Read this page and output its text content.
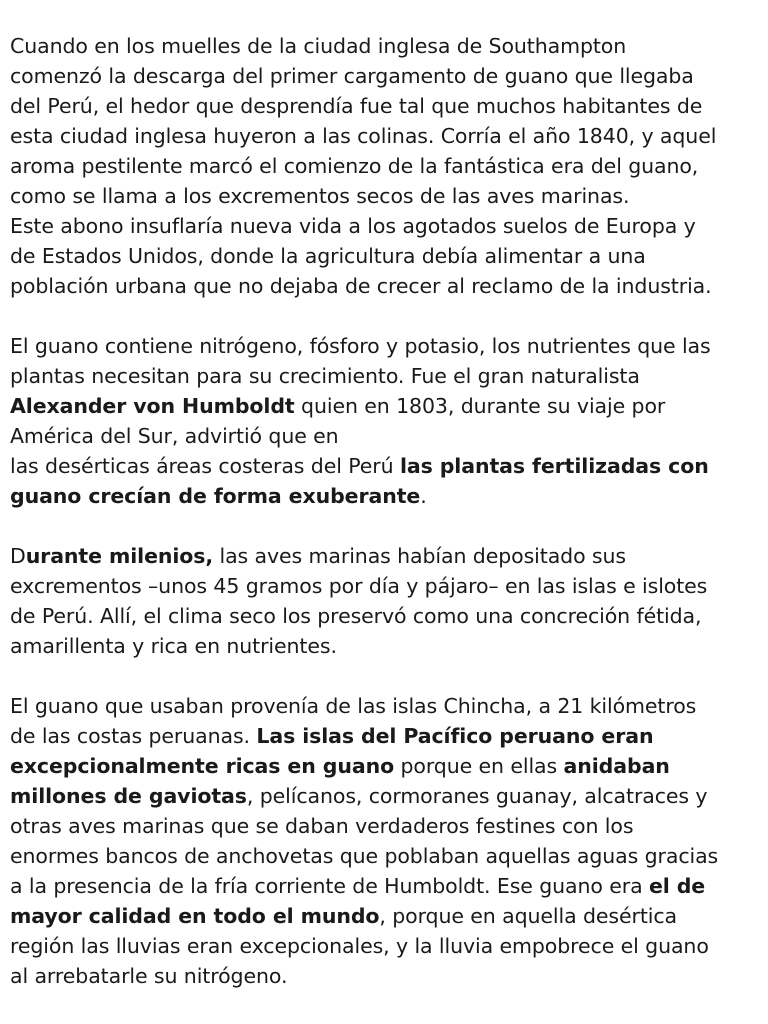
Cuando en los muelles de la ciudad inglesa de Southampton
comenzó la descarga del primer cargamento de guano que llegaba
del Perú, el hedor que desprendía fue tal que muchos habitantes de
esta ciudad inglesa huyeron a las colinas. Corría el año 1840, y aquel
aroma pestilente marcó el comienzo de la fantástica era del guano,
como se llama a los excrementos secos de las aves marinas.
Este abono insuflaría nueva vida a los agotados suelos de Europa y
de Estados Unidos, donde la agricultura debía alimentar a una
población urbana que no dejaba de crecer al reclamo de la industria.
El guano contiene nitrógeno, fósforo y potasio, los nutrientes que las
plantas necesitan para su crecimiento. Fue el gran naturalista
Alexander von Humboldt quien en 1803, durante su viaje por
América del Sur, advirtió que en
las desérticas áreas costeras del Perú las plantas fertilizadas con
guano crecían de forma exuberante.
Durante milenios, las aves marinas habían depositado sus
excrementos –unos 45 gramos por día y pájaro– en las islas e islotes
de Perú. Allí, el clima seco los preservó como una concreción fétida,
amarillenta y rica en nutrientes.
El guano que usaban provenía de las islas Chincha, a 21 kilómetros
de las costas peruanas. Las islas del Pacífico peruano eran
excepcionalmente ricas en guano porque en ellas anidaban
millones de gaviotas, pelícanos, cormoranes guanay, alcatraces y
otras aves marinas que se daban verdaderos festines con los
enormes bancos de anchovetas que poblaban aquellas aguas gracias
a la presencia de la fría corriente de Humboldt. Ese guano era el de
mayor calidad en todo el mundo, porque en aquella desértica
región las lluvias eran excepcionales, y la lluvia empobrece el guano
al arrebatarle su nitrógeno.
